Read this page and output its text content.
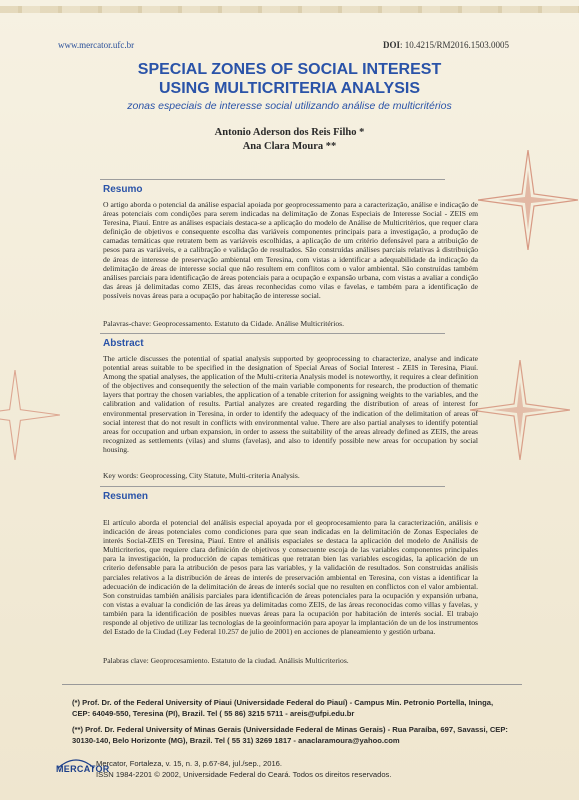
www.mercator.ufc.br	DOI: 10.4215/RM2016.1503.0005
SPECIAL ZONES OF SOCIAL INTEREST
USING MULTICRITERIA ANALYSIS
zonas especiais de interesse social utilizando análise de multicritérios
Antonio Aderson dos Reis Filho *
Ana Clara Moura **
Resumo
O artigo aborda o potencial da análise espacial apoiada por geoprocessamento para a caracterização, análise e indicação de áreas potenciais com condições para serem indicadas na delimitação de Zonas Especiais de Interesse Social - ZEIS em Teresina, Piauí. Entre as análises espaciais destaca-se a aplicação do modelo de Análise de Multicritérios, que requer clara definição de objetivos e consequente escolha das variáveis componentes principais para a investigação, a produção de camadas temáticas que retratem bem as variáveis escolhidas, a aplicação de um critério defensável para a atribuição de pesos para as variáveis, e a calibração e validação de resultados. São construídas análises parciais relativas à distribuição de áreas de interesse de preservação ambiental em Teresina, com vistas a identificar a adequabilidade da indicação da delimitação de áreas de interesse social que não resultem em conflitos com o valor ambiental. São construídas também análises parciais para identificação de áreas potenciais para a ocupação e expansão urbana, com vistas a avaliar a condição das áreas já delimitadas como ZEIS, das áreas reconhecidas como vilas e favelas, e também para a identificação de possíveis novas áreas para a ocupação por habitação de interesse social.
Palavras-chave: Geoprocessamento. Estatuto da Cidade. Análise Multicritérios.
Abstract
The article discusses the potential of spatial analysis supported by geoprocessing to characterize, analyse and indicate potential areas suitable to be specified in the designation of Special Areas of Social Interest - ZEIS in Teresina, Piauí. Among the spatial analyses, the application of the Multi-criteria Analysis model is noteworthy, it requires a clear definition of the objectives and consequently the selection of the main variable components for research, the production of thematic layers that portray the chosen variables, the application of a tenable criterion for assigning weights to the variables, and the calibration and validation of results. Partial analyzes are created regarding the distribution of areas of interest for environmental preservation in Teresina, in order to identify the adequacy of the indication of the delimitation of areas of social interest that do not result in conflicts with environmental value. There are also partial analyses to identify potential areas for occupation and urban expansion, in order to assess the suitability of the areas already defined as ZEIS, the areas recognized as settlements (vilas) and slums (favelas), and also to identify possible new areas for occupation by social housing.
Key words: Geoprocessing, City Statute, Multi-criteria Analysis.
Resumen
El artículo aborda el potencial del análisis especial apoyada por el geoprocesamiento para la caracterización, análisis e indicación de áreas potenciales como condiciones para que sean indicadas en la delimitación de Zonas Especiales de interés Social-ZEIS en Teresina, Piauí. Entre el análisis espaciales se destaca la aplicación del modelo de Análisis de Multicriterios, que requiere clara definición de objetivos y consecuente escoja de las variables componentes principales para la investigación, la producción de capas temáticas que retratan bien las variables escogidas, la aplicación de un criterio defensable para la atribución de pesos para las variables, y la validación de resultados. Son construidas análisis parciales relativos a la distribución de áreas de interés de preservación ambiental en Teresina, con vistas a identificar la adecuación de indicación de la delimitación de áreas de interés social que no resulten en conflictos con el valor ambiental. Son construidas también análisis parciales para identificación de áreas potenciales para la ocupación y expansión urbana, con vistas a evaluar la condición de las áreas ya delimitadas como ZEIS, de las áreas reconocidas como villas y favelas, y también para la identificación de posibles nuevas áreas para la ocupación por habitación de interés social. El trabajo responde al objetivo de utilizar las tecnologías de la geoinformación para apoyar la implantación de un de los instrumentos del Estado de la Ciudad (Ley Federal 10.257 de julio de 2001) en acciones de planeamiento y gestión urbana.
Palabras clave: Geoprocesamiento. Estatuto de la ciudad. Análisis Multicriterios.
(*) Prof. Dr. of the Federal University of Piaui (Universidade Federal do Piauí) - Campus Min. Petronio Portella, Ininga, CEP: 64049-550, Teresina (PI), Brazil. Tel ( 55 86) 3215 5711 - areis@ufpi.edu.br
(**) Prof. Dr. Federal University of Minas Gerais (Universidade Federal de Minas Gerais) - Rua Paraíba, 697, Savassi, CEP: 30130-140, Belo Horizonte (MG), Brazil. Tel ( 55 31) 3269 1817 - anaclaramoura@yahoo.com
MERCATOR
Mercator, Fortaleza, v. 15, n. 3, p.67-84, jul./sep., 2016.
ISSN 1984-2201 © 2002, Universidade Federal do Ceará. Todos os direitos reservados.
